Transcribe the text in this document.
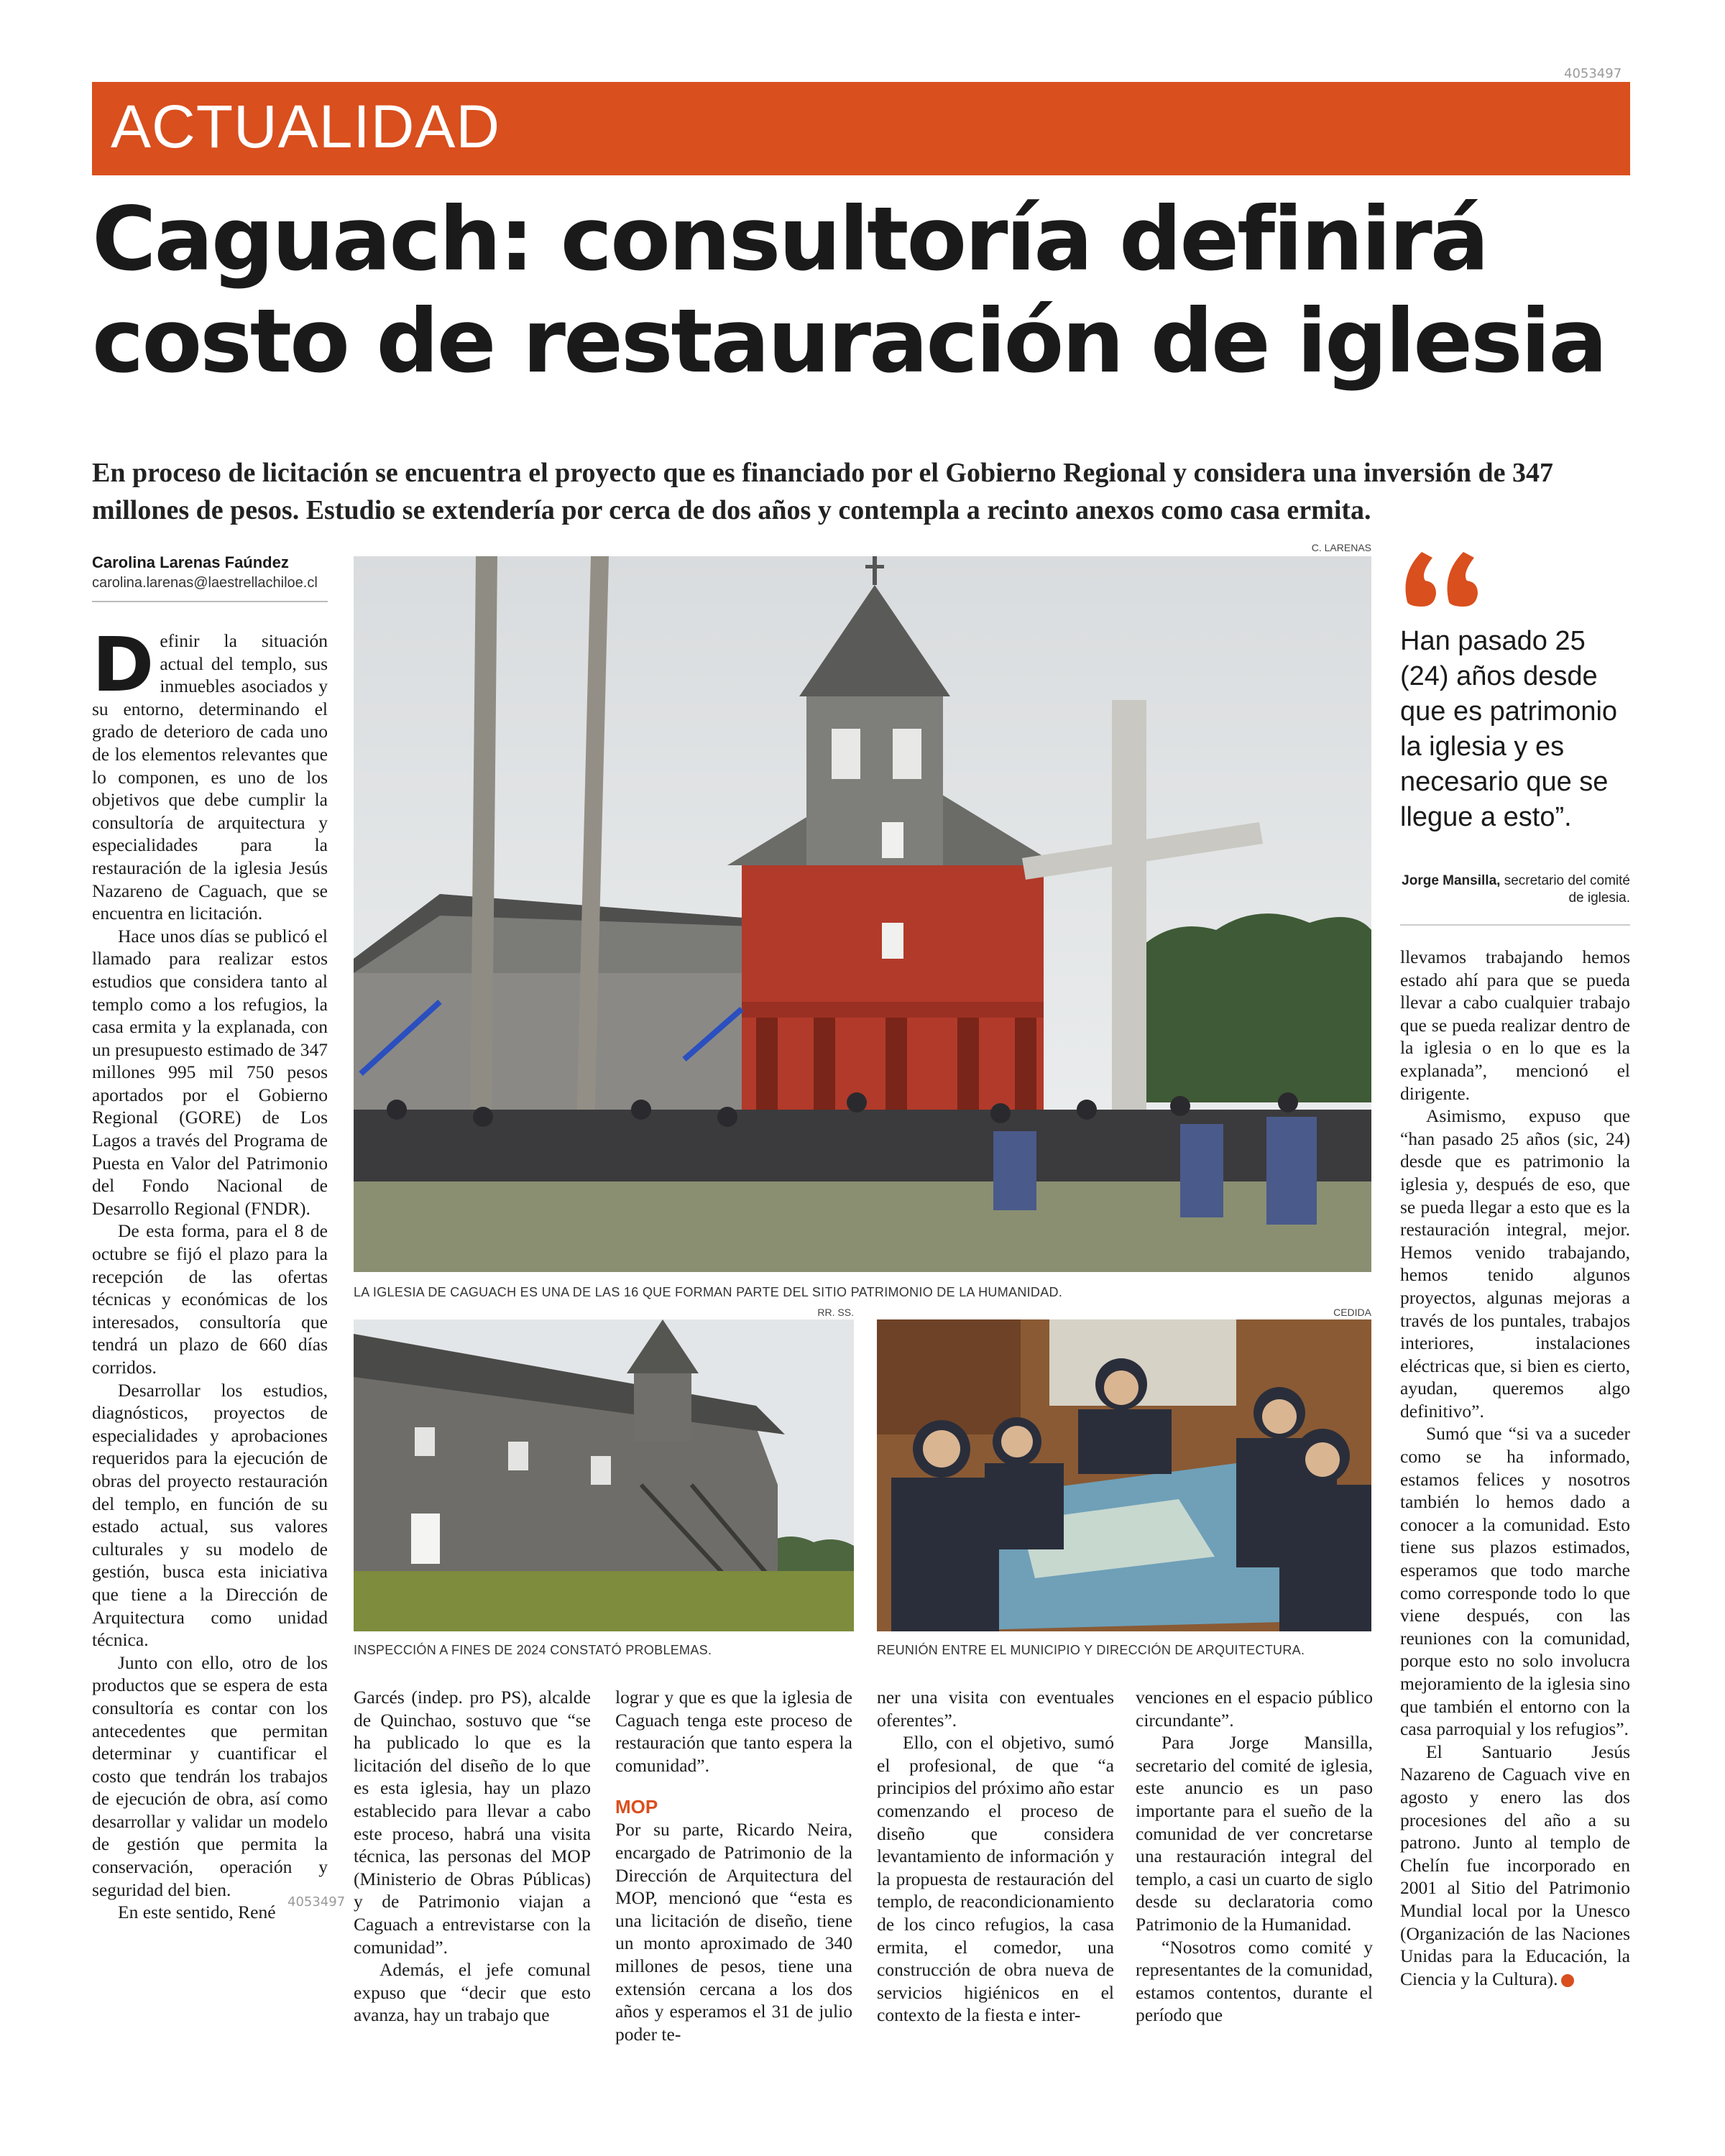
4053497
ACTUALIDAD
Caguach: consultoría definirá
costo de restauración de iglesia
En proceso de licitación se encuentra el proyecto que es financiado por el Gobierno Regional y considera una inversión de 347 millones de pesos. Estudio se extendería por cerca de dos años y contempla a recinto anexos como casa ermita.
Carolina Larenas Faúndez
carolina.larenas@laestrellachiloe.cl

Definir la situación actual del templo, sus inmuebles asociados y su entorno, determinando el grado de deterioro de cada uno de los elementos relevantes que lo componen, es uno de los objetivos que debe cumplir la consultoría de arquitectura y especialidades para la restauración de la iglesia Jesús Nazareno de Caguach, que se encuentra en licitación.

Hace unos días se publicó el llamado para realizar estos estudios que considera tanto al templo como a los refugios, la casa ermita y la explanada, con un presupuesto estimado de 347 millones 995 mil 750 pesos aportados por el Gobierno Regional (GORE) de Los Lagos a través del Programa de Puesta en Valor del Patrimonio del Fondo Nacional de Desarrollo Regional (FNDR).

De esta forma, para el 8 de octubre se fijó el plazo para la recepción de las ofertas técnicas y económicas de los interesados, consultoría que tendrá un plazo de 660 días corridos.

Desarrollar los estudios, diagnósticos, proyectos de especialidades y aprobaciones requeridos para la ejecución de obras del proyecto restauración del templo, en función de su estado actual, sus valores culturales y su modelo de gestión, busca esta iniciativa que tiene a la Dirección de Arquitectura como unidad técnica.

Junto con ello, otro de los productos que se espera de esta consultoría es contar con los antecedentes que permitan determinar y cuantificar el costo que tendrán los trabajos de ejecución de obra, así como desarrollar y validar un modelo de gestión que permita la conservación, operación y seguridad del bien.

En este sentido, René

C. LARENAS
LA IGLESIA DE CAGUACH ES UNA DE LAS 16 QUE FORMAN PARTE DEL SITIO PATRIMONIO DE LA HUMANIDAD.
RR. SS.
INSPECCIÓN A FINES DE 2024 CONSTATÓ PROBLEMAS.
CEDIDA
REUNIÓN ENTRE EL MUNICIPIO Y DIRECCIÓN DE ARQUITECTURA.

Garcés (indep. pro PS), alcalde de Quinchao, sostuvo que “se ha publicado lo que es la licitación del diseño de lo que es esta iglesia, hay un plazo establecido para llevar a cabo este proceso, habrá una visita técnica, las personas del MOP (Ministerio de Obras Públicas) y de Patrimonio viajan a Caguach a entrevistarse con la comunidad”.

Además, el jefe comunal expuso que “decir que esto avanza, hay un trabajo que

lograr y que es que la iglesia de Caguach tenga este proceso de restauración que tanto espera la comunidad”.

MOP

Por su parte, Ricardo Neira, encargado de Patrimonio de la Dirección de Arquitectura del MOP, mencionó que “esta es una licitación de diseño, tiene un monto aproximado de 340 millones de pesos, tiene una extensión cercana a los dos años y esperamos el 31 de julio poder te-

ner una visita con eventuales oferentes”.

Ello, con el objetivo, sumó el profesional, de que “a principios del próximo año estar comenzando el proceso de diseño que considera levantamiento de información y la propuesta de restauración del templo, de reacondicionamiento de los cinco refugios, la casa ermita, el comedor, una construcción de obra nueva de servicios higiénicos en el contexto de la fiesta e inter-

venciones en el espacio público circundante”.

Para Jorge Mansilla, secretario del comité de iglesia, este anuncio es un paso importante para el sueño de la comunidad de ver concretarse una restauración integral del templo, a casi un cuarto de siglo desde su declaratoria como Patrimonio de la Humanidad.

“Nosotros como comité y representantes de la comunidad, estamos contentos, durante el período que

Han pasado 25 (24) años desde que es patrimonio la iglesia y es necesario que se llegue a esto”.
Jorge Mansilla, secretario del comité de iglesia.

llevamos trabajando hemos estado ahí para que se pueda llevar a cabo cualquier trabajo que se pueda realizar dentro de la iglesia o en lo que es la explanada”, mencionó el dirigente.

Asimismo, expuso que “han pasado 25 años (sic, 24) desde que es patrimonio la iglesia y, después de eso, que se pueda llegar a esto que es la restauración integral, mejor. Hemos venido trabajando, hemos tenido algunos proyectos, algunas mejoras a través de los puntales, trabajos interiores, instalaciones eléctricas que, si bien es cierto, ayudan, queremos algo definitivo”.

Sumó que “si va a suceder como se ha informado, estamos felices y nosotros también lo hemos dado a conocer a la comunidad. Esto tiene sus plazos estimados, esperamos que todo marche como corresponde todo lo que viene después, con las reuniones con la comunidad, porque esto no solo involucra mejoramiento de la iglesia sino que también el entorno con la casa parroquial y los refugios”.

El Santuario Jesús Nazareno de Caguach vive en agosto y enero las dos procesiones del año a su patrono. Junto al templo de Chelín fue incorporado en 2001 al Sitio del Patrimonio Mundial local por la Unesco (Organización de las Naciones Unidas para la Educación, la Ciencia y la Cultura).

4053497
